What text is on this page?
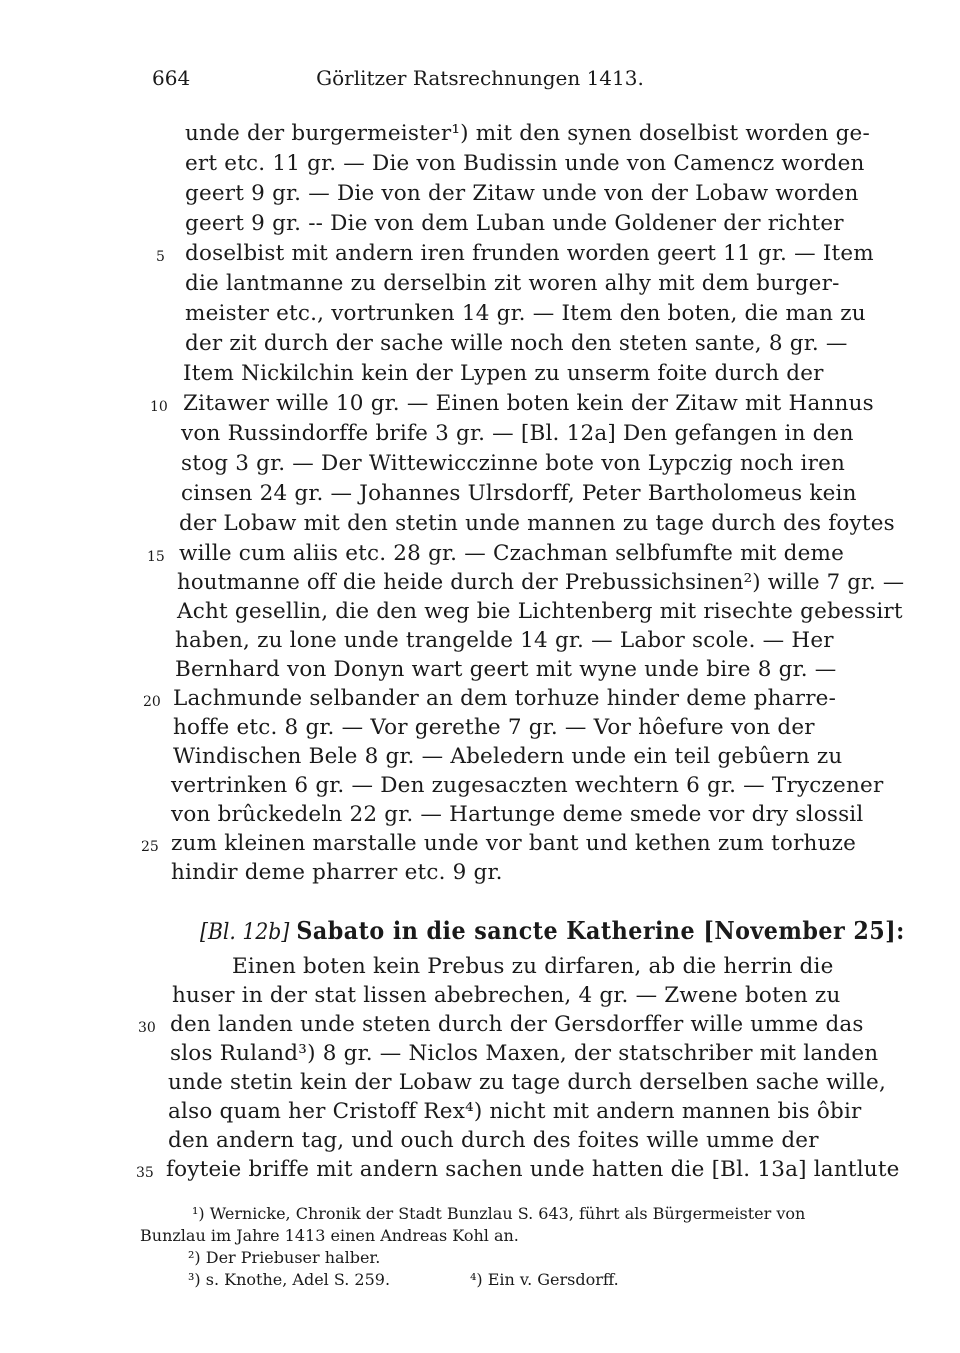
664	Görlitzer Ratsrechnungen 1413.
unde der burgermeister¹) mit den synen doselbist worden ge-
ert etc. 11 gr. — Die von Budissin unde von Camencz worden
geert 9 gr. — Die von der Zitaw unde von der Lobaw worden
geert 9 gr. -- Die von dem Luban unde Goldener der richter
doselbist mit andern iren frunden worden geert 11 gr. — Item
die lantmanne zu derselbin zit woren alhy mit dem burger-
meister etc., vortrunken 14 gr. — Item den boten, die man zu
der zit durch der sache wille noch den steten sante, 8 gr. —
Item Nickilchin kein der Lypen zu unserm foite durch der
Zitawer wille 10 gr. — Einen boten kein der Zitaw mit Hannus
von Russindorffe brife 3 gr. — [Bl. 12a] Den gefangen in den
stog 3 gr. — Der Wittewicczinne bote von Lypczig noch iren
cinsen 24 gr. — Johannes Ulrsdorff, Peter Bartholomeus kein
der Lobaw mit den stetin unde mannen zu tage durch des foytes
wille cum aliis etc. 28 gr. — Czachman selbfumfte mit deme
houtmanne off die heide durch der Prebussichsinen²) wille 7 gr. —
Acht gesellin, die den weg bie Lichtenberg mit risechte gebessirt
haben, zu lone unde trangelde 14 gr. — Labor scole. — Her
Bernhard von Donyn wart geert mit wyne unde bire 8 gr. —
Lachmunde selbander an dem torhuze hinder deme pharre-
hoffe etc. 8 gr. — Vor gerethe 7 gr. — Vor hôefure von der
Windischen Bele 8 gr. — Abeledern unde ein teil gebûern zu
vertrinken 6 gr. — Den zugesaczten wechtern 6 gr. — Tryczener
von brûckedeln 22 gr. — Hartunge deme smede vor dry slossil
zum kleinen marstalle unde vor bant und kethen zum torhuze
hindir deme pharrer etc. 9 gr.
5
10
15
20
25
30
35
[Bl. 12b] Sabato in die sancte Katherine [November 25]:
Einen boten kein Prebus zu dirfaren, ab die herrin die
huser in der stat lissen abebrechen, 4 gr. — Zwene boten zu
den landen unde steten durch der Gersdorffer wille umme das
slos Ruland³) 8 gr. — Niclos Maxen, der statschriber mit landen
unde stetin kein der Lobaw zu tage durch derselben sache wille,
also quam her Cristoff Rex⁴) nicht mit andern mannen bis ôbir
den andern tag, und ouch durch des foites wille umme der
foyteie briffe mit andern sachen unde hatten die [Bl. 13a] lantlute
¹) Wernicke, Chronik der Stadt Bunzlau S. 643, führt als Bürgermeister von
Bunzlau im Jahre 1413 einen Andreas Kohl an.
²) Der Priebuser halber.
³) s. Knothe, Adel S. 259.	⁴) Ein v. Gersdorff.
